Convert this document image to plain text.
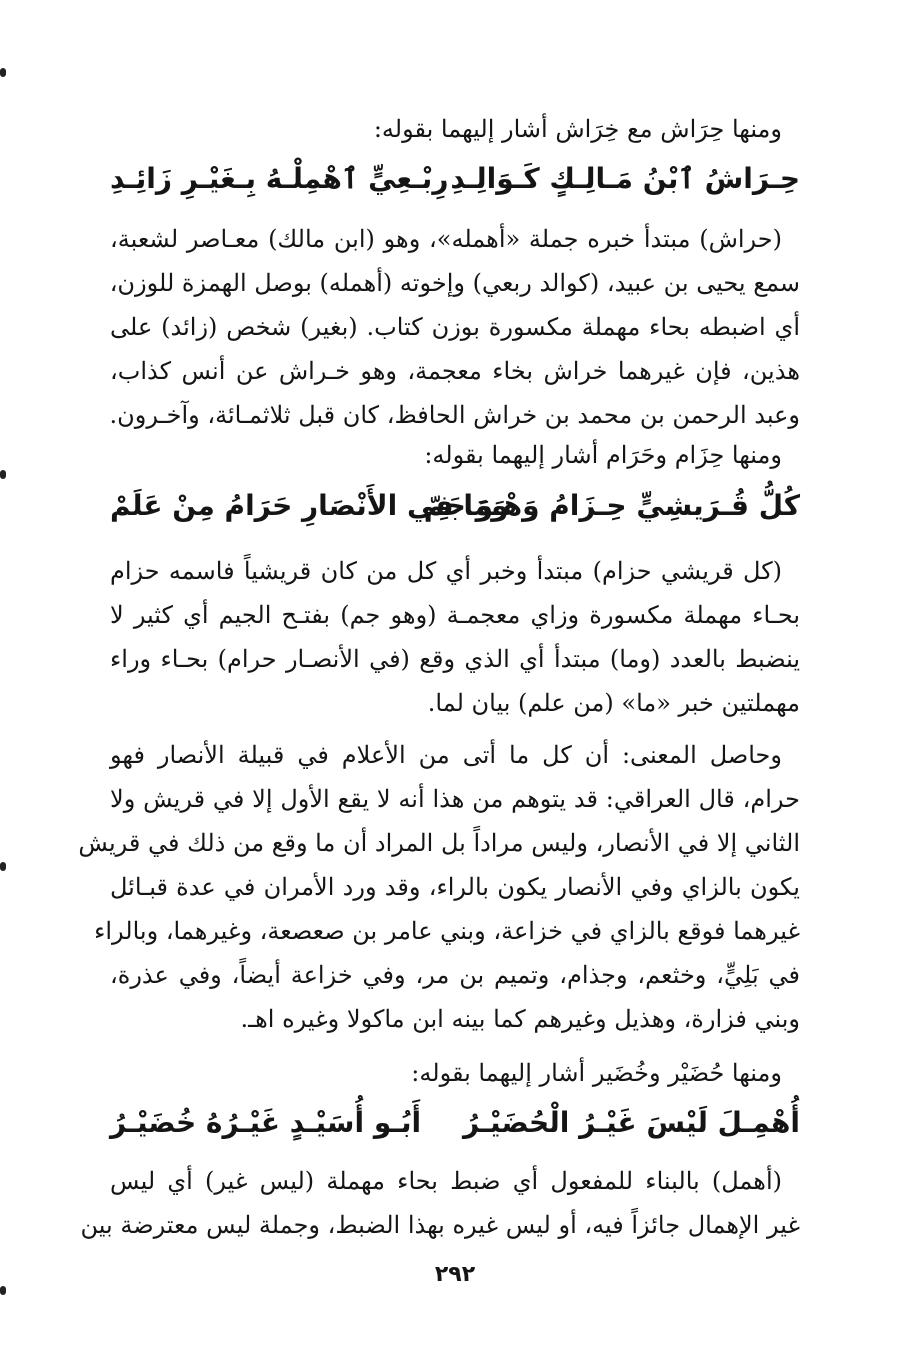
ومنها حِرَاش مع خِرَاش أشار إليهما بقوله:
حِـرَاشُ ٱبْنُ مَـالِـكٍ كَـوَالِـدِ
رِبْـعِيٍّ ٱهْمِلْـهُ بِـغَيْـرِ زَائِـدِ
(حراش) مبتدأ خبره جملة «أهمله»، وهو (ابن مالك) معـاصر لشعبة،
سمع يحيى بن عبيد، (كوالد ربعي) وإخوته (أهمله) بوصل الهمزة للوزن،
أي اضبطه بحاء مهملة مكسورة بوزن كتاب. (بغير) شخص (زائد) على
هذين، فإن غيرهما خراش بخاء معجمة، وهو خـراش عن أنس كذاب،
وعبد الرحمن بن محمد بن خراش الحافظ، كان قبل ثلاثمـائة، وآخـرون.
ومنها حِزَام وحَرَام أشار إليهما بقوله:
كُلُّ قُـرَيشِيٍّ حِـزَامُ وَهْـوَ جَمّ
وَمَا فِي الأَنْصَارِ حَرَامُ مِنْ عَلَمْ
(كل قريشي حزام) مبتدأ وخبر أي كل من كان قريشياً فاسمه حزام
بحـاء مهملة مكسورة وزاي معجمـة (وهو جم) بفتـح الجيم أي كثير لا
ينضبط بالعدد (وما) مبتدأ أي الذي وقع (في الأنصـار حرام) بحـاء وراء
مهملتين خبر «ما» (من علم) بيان لما.
وحاصل المعنى: أن كل ما أتى من الأعلام في قبيلة الأنصار فهو
حرام، قال العراقي: قد يتوهم من هذا أنه لا يقع الأول إلا في قريش ولا
الثاني إلا في الأنصار، وليس مراداً بل المراد أن ما وقع من ذلك في قريش
يكون بالزاي وفي الأنصار يكون بالراء، وقد ورد الأمران في عدة قبـائل
غيرهما فوقع بالزاي في خزاعة، وبني عامر بن صعصعة، وغيرهما، وبالراء
في بَلِيٍّ، وخثعم، وجذام، وتميم بن مر، وفي خزاعة أيضاً، وفي عذرة،
وبني فزارة، وهذيل وغيرهم كما بينه ابن ماكولا وغيره اهـ.
ومنها حُضَيْر وخُضَير أشار إليهما بقوله:
أُهْمِـلَ لَيْسَ غَيْـرُ الْحُضَيْـرُ
أَبُـو أُسَيْـدٍ غَيْـرُهُ خُضَيْـرُ
(أهمل) بالبناء للمفعول أي ضبط بحاء مهملة (ليس غير) أي ليس
غير الإهمال جائزاً فيه، أو ليس غيره بهذا الضبط، وجملة ليس معترضة بين
٢٩٢
